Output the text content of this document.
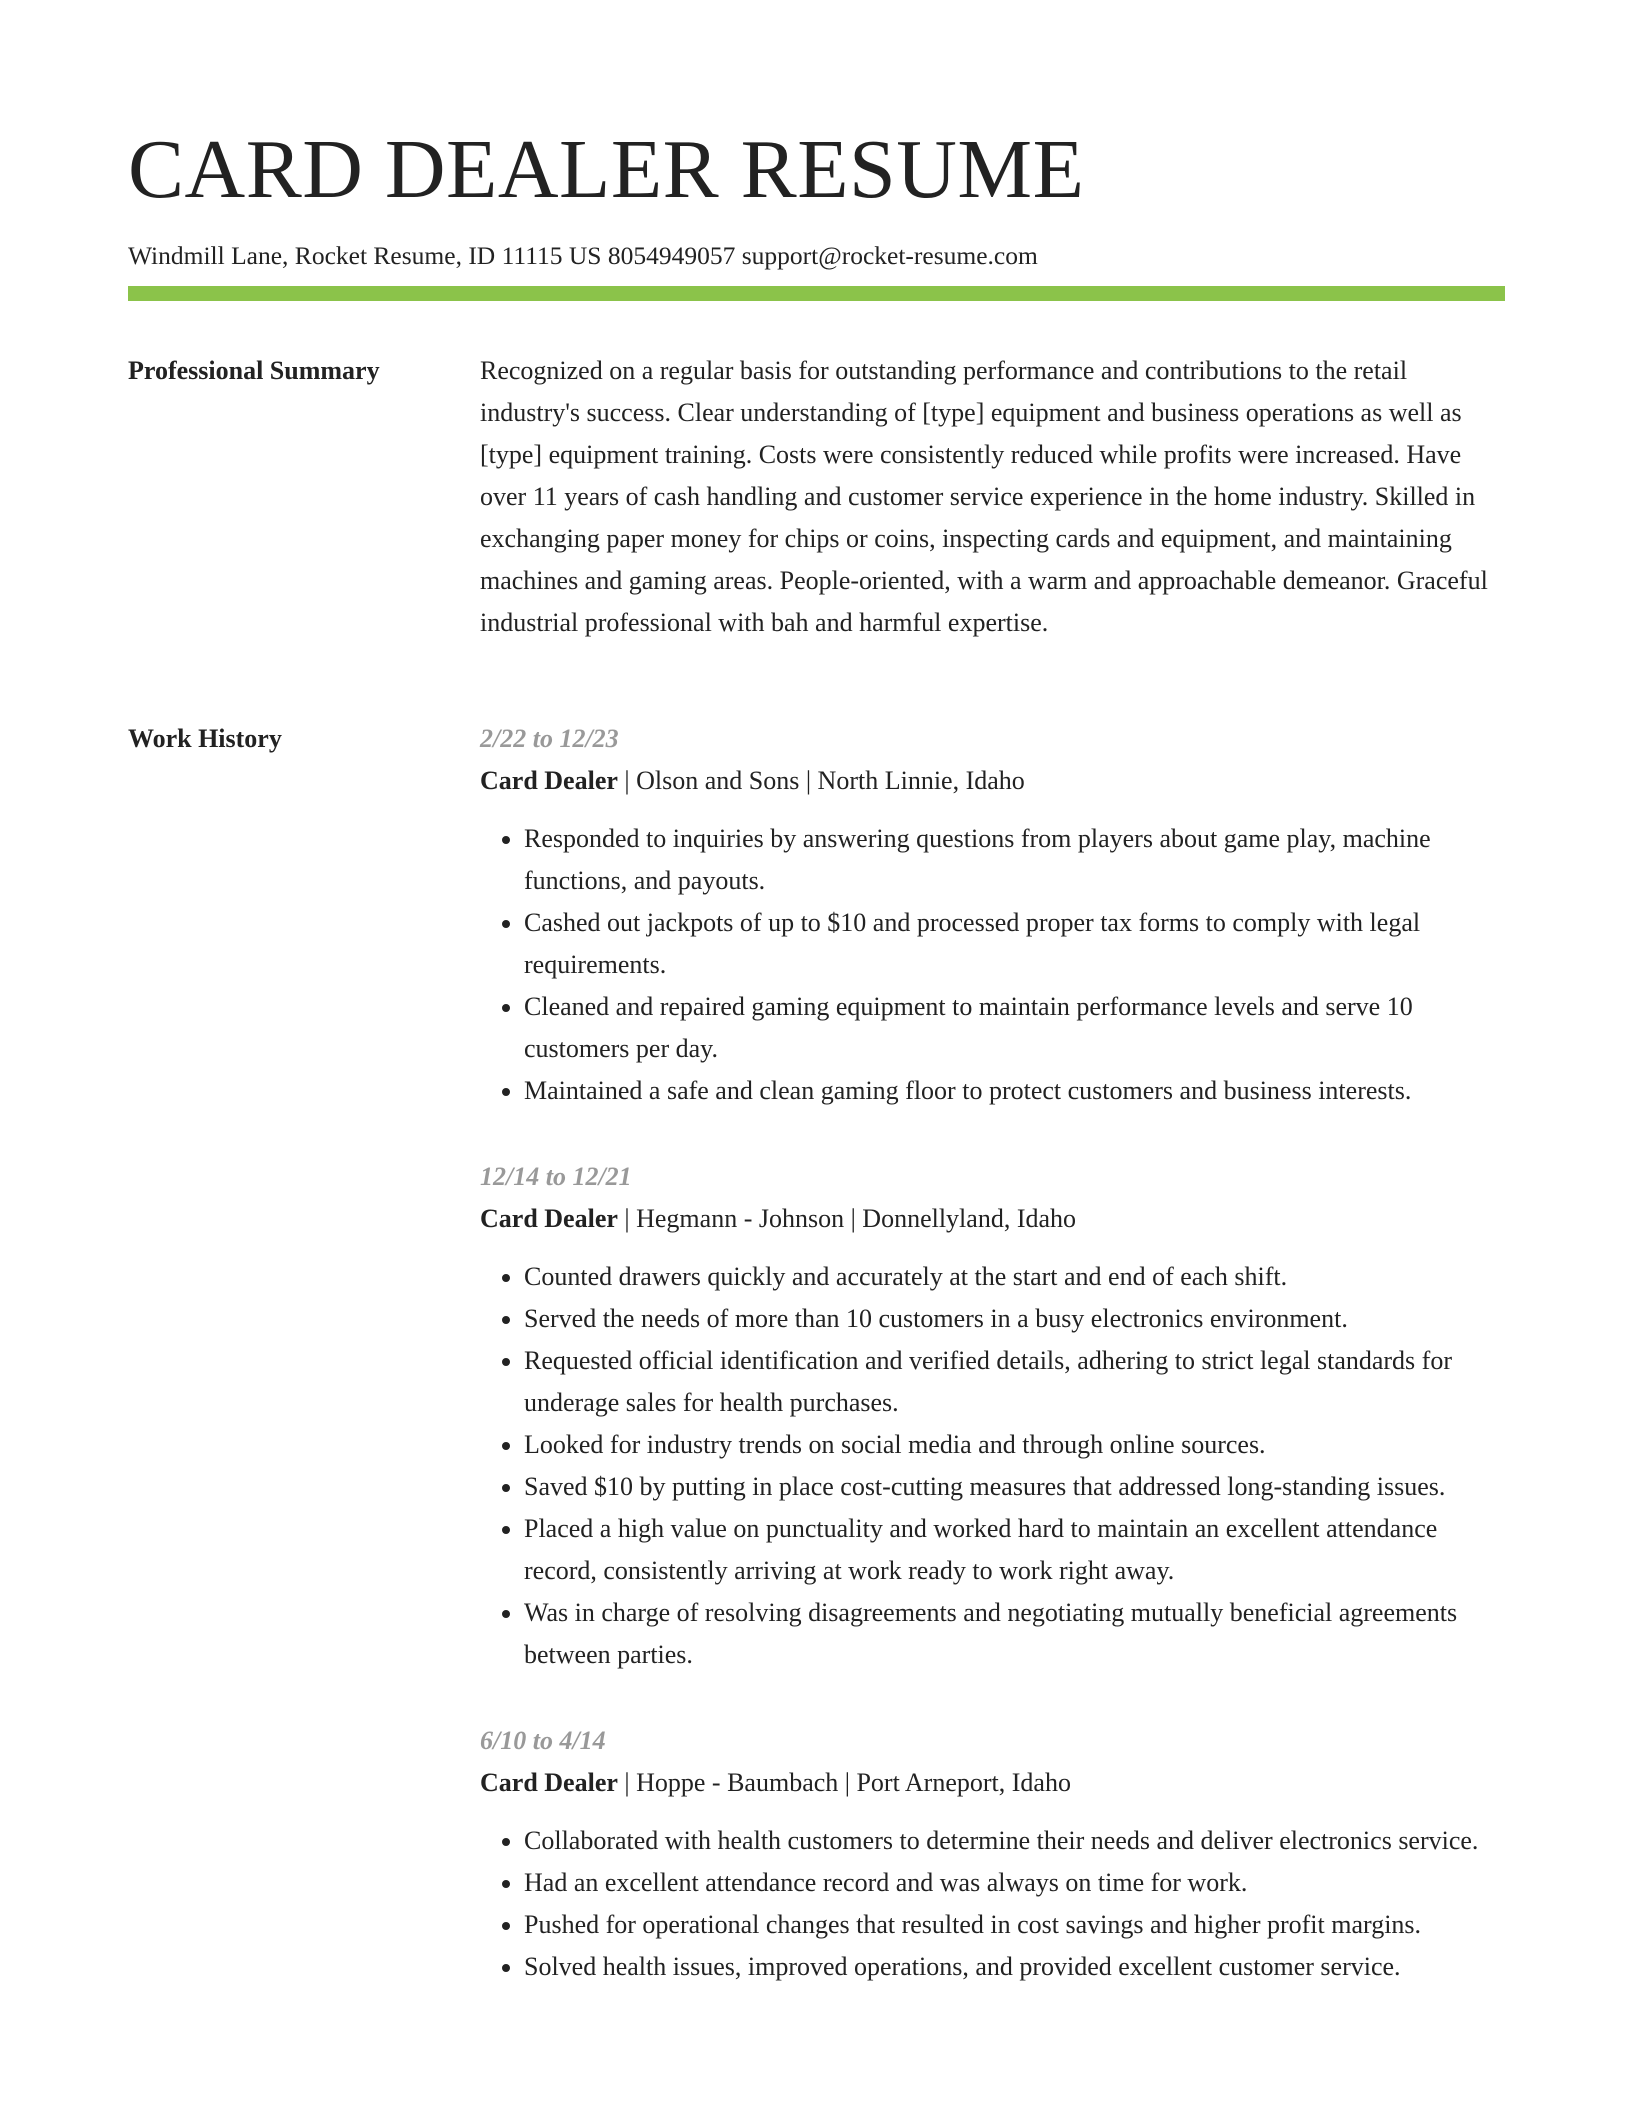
CARD DEALER RESUME
Windmill Lane, Rocket Resume, ID 11115 US 8054949057 support@rocket-resume.com
Professional Summary	Recognized on a regular basis for outstanding performance and contributions to the retail industry's success. Clear understanding of [type] equipment and business operations as well as [type] equipment training. Costs were consistently reduced while profits were increased. Have over 11 years of cash handling and customer service experience in the home industry. Skilled in exchanging paper money for chips or coins, inspecting cards and equipment, and maintaining machines and gaming areas. People-oriented, with a warm and approachable demeanor. Graceful industrial professional with bah and harmful expertise.
Work History	2/22 to 12/23
Card Dealer | Olson and Sons | North Linnie, Idaho
• Responded to inquiries by answering questions from players about game play, machine functions, and payouts.
• Cashed out jackpots of up to $10 and processed proper tax forms to comply with legal requirements.
• Cleaned and repaired gaming equipment to maintain performance levels and serve 10 customers per day.
• Maintained a safe and clean gaming floor to protect customers and business interests.
12/14 to 12/21
Card Dealer | Hegmann - Johnson | Donnellyland, Idaho
• Counted drawers quickly and accurately at the start and end of each shift.
• Served the needs of more than 10 customers in a busy electronics environment.
• Requested official identification and verified details, adhering to strict legal standards for underage sales for health purchases.
• Looked for industry trends on social media and through online sources.
• Saved $10 by putting in place cost-cutting measures that addressed long-standing issues.
• Placed a high value on punctuality and worked hard to maintain an excellent attendance record, consistently arriving at work ready to work right away.
• Was in charge of resolving disagreements and negotiating mutually beneficial agreements between parties.
6/10 to 4/14
Card Dealer | Hoppe - Baumbach | Port Arneport, Idaho
• Collaborated with health customers to determine their needs and deliver electronics service.
• Had an excellent attendance record and was always on time for work.
• Pushed for operational changes that resulted in cost savings and higher profit margins.
• Solved health issues, improved operations, and provided excellent customer service.
